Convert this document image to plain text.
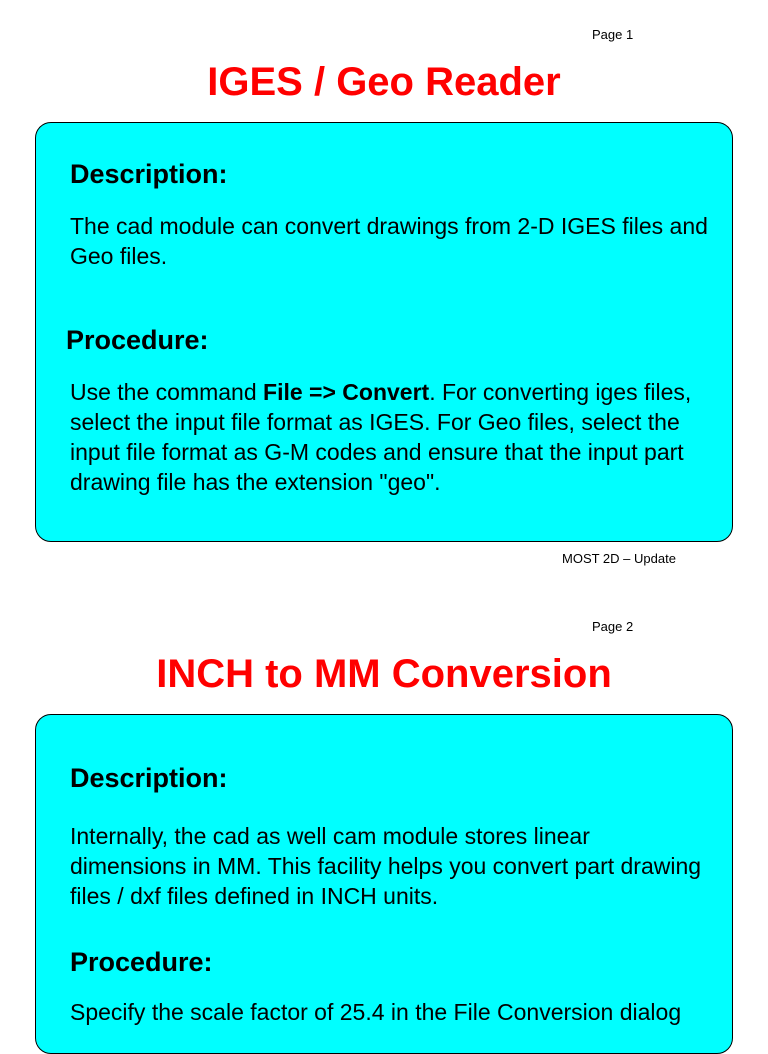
Page 1
IGES / Geo Reader
Description:

The cad module can convert drawings from 2-D IGES files and Geo files.

Procedure:

Use the command File => Convert. For converting iges files, select the input file format as IGES. For Geo files, select the input file format as G-M codes and ensure that the input part drawing file has the extension "geo".

MOST 2D – Update
Page 2
INCH to MM Conversion
Description:

Internally, the cad as well cam module stores linear dimensions in MM. This facility helps you convert part drawing files / dxf files defined in INCH units.

Procedure:

Specify the scale factor of 25.4 in the File Conversion dialog
